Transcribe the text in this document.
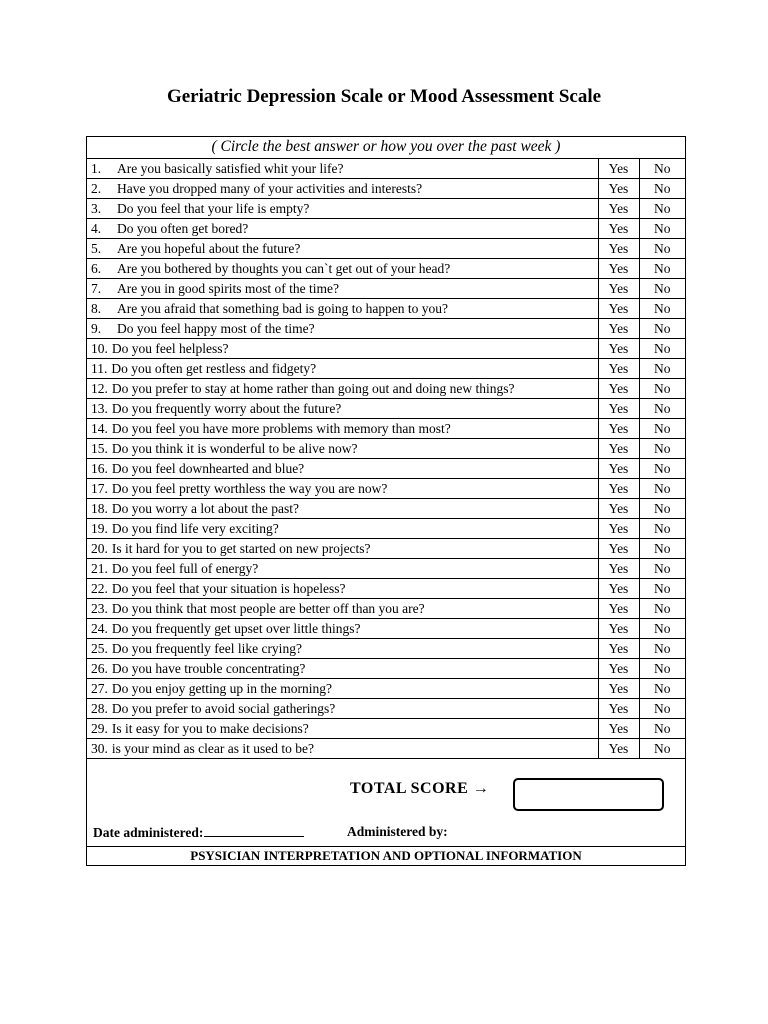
Geriatric Depression Scale or Mood Assessment Scale
( Circle the best answer or how you over the past week )
1. Are you basically satisfied whit your life?	Yes	No
2. Have you dropped many of your activities and interests?	Yes	No
3. Do you feel that your life is empty?	Yes	No
4. Do you often get bored?	Yes	No
5. Are you hopeful about the future?	Yes	No
6. Are you bothered by thoughts you can`t get out of your head?	Yes	No
7. Are you in good spirits most of the time?	Yes	No
8. Are you afraid that something bad is going to happen to you?	Yes	No
9. Do you feel happy most of the time?	Yes	No
10. Do you feel helpless?	Yes	No
11. Do you often get restless and fidgety?	Yes	No
12. Do you prefer to stay at home rather than going out and doing new things?	Yes	No
13. Do you frequently worry about the future?	Yes	No
14. Do you feel you have more problems with memory than most?	Yes	No
15. Do you think it is wonderful to be alive now?	Yes	No
16. Do you feel downhearted and blue?	Yes	No
17. Do you feel pretty worthless the way you are now?	Yes	No
18. Do you worry a lot about the past?	Yes	No
19. Do you find life very exciting?	Yes	No
20. Is it hard for you to get started on new projects?	Yes	No
21. Do you feel full of energy?	Yes	No
22. Do you feel that your situation is hopeless?	Yes	No
23. Do you think that most people are better off than you are?	Yes	No
24. Do you frequently get upset over little things?	Yes	No
25. Do you frequently feel like crying?	Yes	No
26. Do you have trouble concentrating?	Yes	No
27. Do you enjoy getting up in the morning?	Yes	No
28. Do you prefer to avoid social gatherings?	Yes	No
29. Is it easy for you to make decisions?	Yes	No
30. is your mind as clear as it used to be?	Yes	No
TOTAL SCORE →
Date administered:	Administered by:
PSYSICIAN INTERPRETATION AND OPTIONAL INFORMATION
